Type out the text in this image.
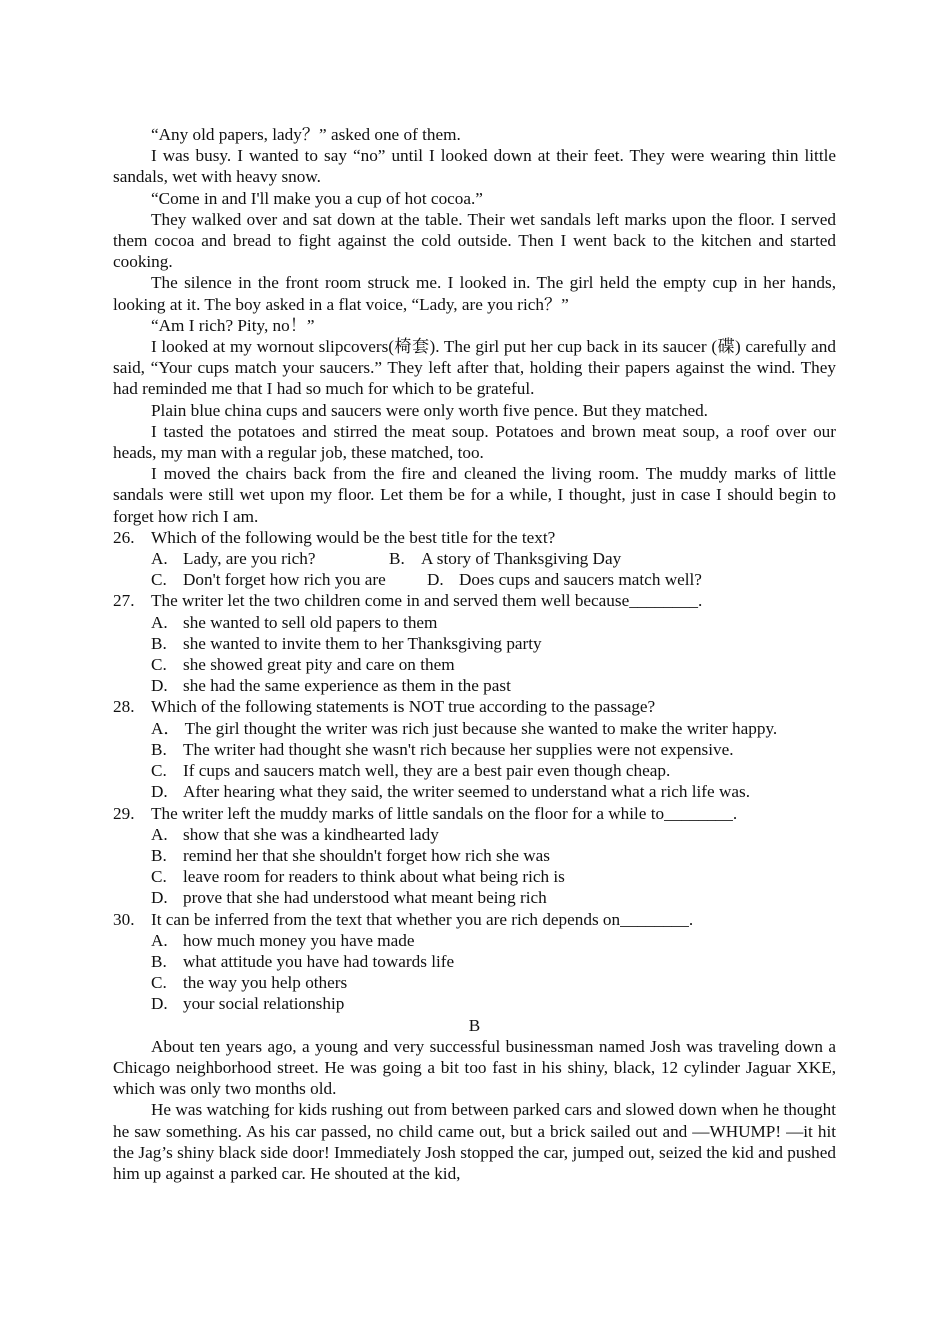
“Any old papers, lady？” asked one of them.

I was busy. I wanted to say “no” until I looked down at their feet. They were wearing thin little sandals, wet with heavy snow.

“Come in and I'll make you a cup of hot cocoa.”

They walked over and sat down at the table. Their wet sandals left marks upon the floor. I served them cocoa and bread to fight against the cold outside. Then I went back to the kitchen and started cooking.

The silence in the front room struck me. I looked in. The girl held the empty cup in her hands, looking at it. The boy asked in a flat voice, “Lady, are you rich？”

“Am I rich? Pity, no！”

I looked at my wornout slipcovers(椅套). The girl put her cup back in its saucer (碟) carefully and said, “Your cups match your saucers.” They left after that, holding their papers against the wind. They had reminded me that I had so much for which to be grateful.

Plain blue china cups and saucers were only worth five pence. But they matched.

I tasted the potatoes and stirred the meat soup. Potatoes and brown meat soup, a roof over our heads, my man with a regular job, these matched, too.

I moved the chairs back from the fire and cleaned the living room. The muddy marks of little sandals were still wet upon my floor. Let them be for a while, I thought, just in case I should begin to forget how rich I am.

26. Which of the following would be the best title for the text?
A. Lady, are you rich?	B. A story of Thanksgiving Day
C. Don't forget how rich you are D. Does cups and saucers match well?
27. The writer let the two children come in and served them well because________.
A. she wanted to sell old papers to them
B. she wanted to invite them to her Thanksgiving party
C. she showed great pity and care on them
D. she had the same experience as them in the past
28. Which of the following statements is NOT true according to the passage?

A． The girl thought the writer was rich just because she wanted to make the writer happy.

B. The writer had thought she wasn't rich because her supplies were not expensive.
C. If cups and saucers match well, they are a best pair even though cheap.
D. After hearing what they said, the writer seemed to understand what a rich life was.
29. The writer left the muddy marks of little sandals on the floor for a while to________.
A. show that she was a kindhearted lady
B. remind her that she shouldn't forget how rich she was
C. leave room for readers to think about what being rich is
D. prove that she had understood what meant being rich
30. It can be inferred from the text that whether you are rich depends on________.
A. how much money you have made
B. what attitude you have had towards life
C. the way you help others
D. your social relationship

B

About ten years ago, a young and very successful businessman named Josh was traveling down a Chicago neighborhood street. He was going a bit too fast in his shiny, black, 12 cylinder Jaguar XKE, which was only two months old.

He was watching for kids rushing out from between parked cars and slowed down when he thought he saw something. As his car passed, no child came out, but a brick sailed out and —WHUMP! —it hit the Jag’s shiny black side door! Immediately Josh stopped the car, jumped out, seized the kid and pushed him up against a parked car. He shouted at the kid,
